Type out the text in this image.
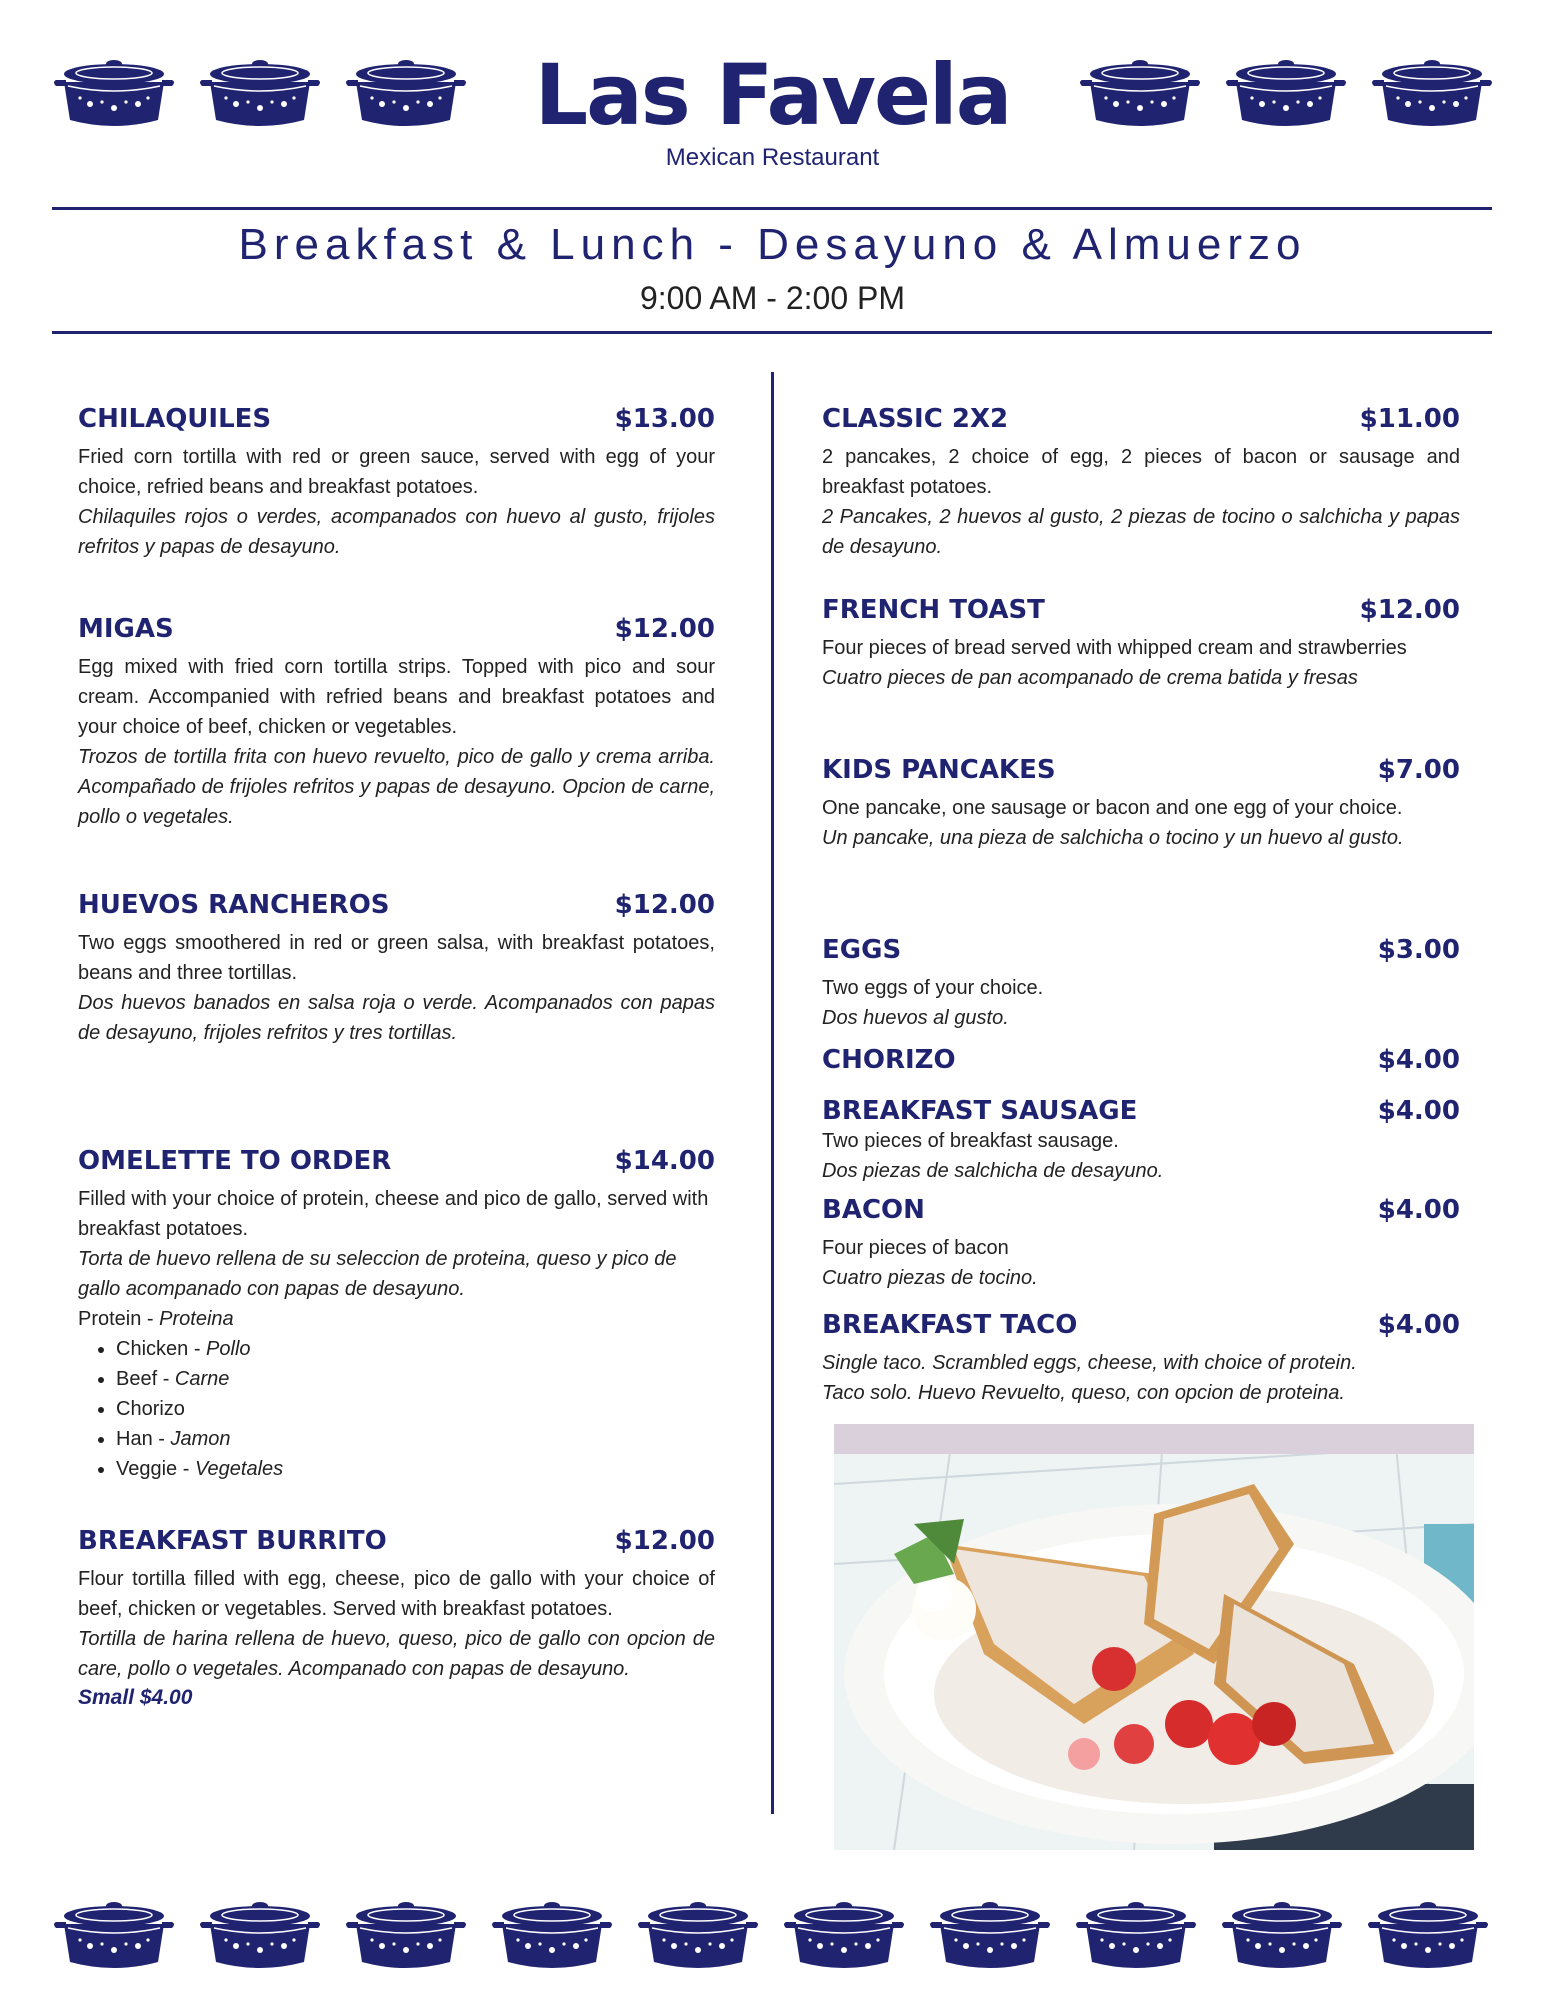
Las Favela
Mexican Restaurant
Breakfast & Lunch - Desayuno & Almuerzo
9:00 AM - 2:00 PM
CHILAQUILES	$13.00
Fried corn tortilla with red or green sauce, served with egg of your choice, refried beans and breakfast potatoes.
Chilaquiles rojos o verdes, acompanados con huevo al gusto, frijoles refritos y papas de desayuno.
MIGAS	$12.00
Egg mixed with fried corn tortilla strips. Topped with pico and sour cream. Accompanied with refried beans and breakfast potatoes and your choice of beef, chicken or vegetables.
Trozos de tortilla frita con huevo revuelto, pico de gallo y crema arriba. Acompañado de frijoles refritos y papas de desayuno. Opcion de carne, pollo o vegetales.
HUEVOS RANCHEROS	$12.00
Two eggs smoothered in red or green salsa, with breakfast potatoes, beans and three tortillas.
Dos huevos banados en salsa roja o verde. Acompanados con papas de desayuno, frijoles refritos y tres tortillas.
OMELETTE TO ORDER	$14.00
Filled with your choice of protein, cheese and pico de gallo, served with breakfast potatoes.
Torta de huevo rellena de su seleccion de proteina, queso y pico de gallo acompanado con papas de desayuno.
Protein - Proteina
• Chicken - Pollo
• Beef - Carne
• Chorizo
• Han - Jamon
• Veggie - Vegetales
BREAKFAST BURRITO	$12.00
Flour tortilla filled with egg, cheese, pico de gallo with your choice of beef, chicken or vegetables. Served with breakfast potatoes.
Tortilla de harina rellena de huevo, queso, pico de gallo con opcion de care, pollo o vegetales. Acompanado con papas de desayuno.
Small $4.00
CLASSIC 2X2	$11.00
2 pancakes, 2 choice of egg, 2 pieces of bacon or sausage and breakfast potatoes.
2 Pancakes, 2 huevos al gusto, 2 piezas de tocino o salchicha y papas de desayuno.
FRENCH TOAST	$12.00
Four pieces of bread served with whipped cream and strawberries
Cuatro pieces de pan acompanado de crema batida y fresas
KIDS PANCAKES	$7.00
One pancake, one sausage or bacon and one egg of your choice.
Un pancake, una pieza de salchicha o tocino y un huevo al gusto.
EGGS	$3.00
Two eggs of your choice.
Dos huevos al gusto.
CHORIZO	$4.00
BREAKFAST SAUSAGE	$4.00
Two pieces of breakfast sausage.
Dos piezas de salchicha de desayuno.
BACON	$4.00
Four pieces of bacon
Cuatro piezas de tocino.
BREAKFAST TACO	$4.00
Single taco. Scrambled eggs, cheese, with choice of protein.
Taco solo. Huevo Revuelto, queso, con opcion de proteina.
